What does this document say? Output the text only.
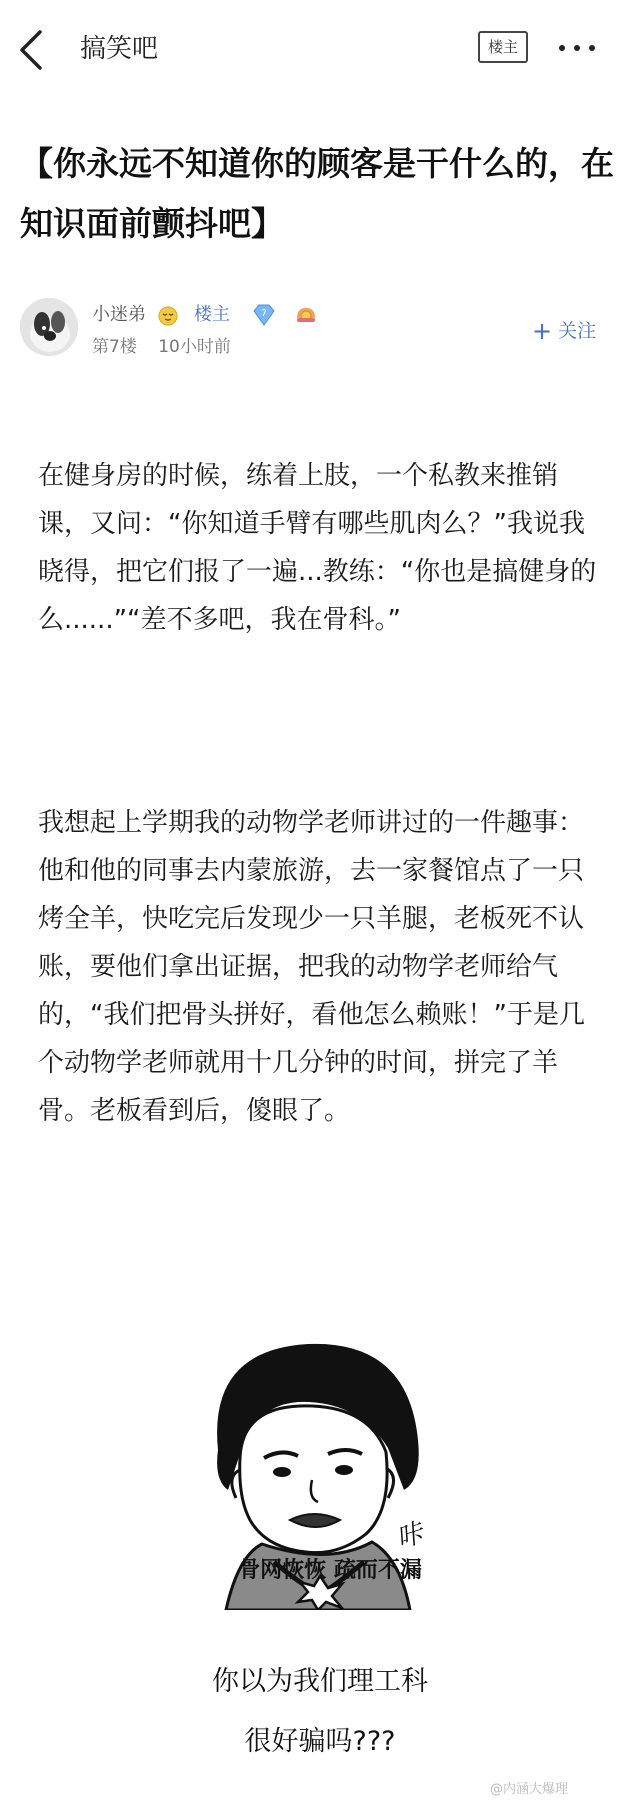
搞笑吧	楼主
【你永远不知道你的顾客是干什么的，在知识面前颤抖吧】
小迷弟	楼主	7
第7楼 10小时前
+ 关注

在健身房的时候，练着上肢，一个私教来推销课，又问：“你知道手臂有哪些肌肉么？”我说我晓得，把它们报了一遍...教练：“你也是搞健身的么......”“差不多吧，我在骨科。”

我想起上学期我的动物学老师讲过的一件趣事：他和他的同事去内蒙旅游，去一家餐馆点了一只烤全羊，快吃完后发现少一只羊腿，老板死不认账，要他们拿出证据，把我的动物学老师给气的，“我们把骨头拼好，看他怎么赖账！”于是几个动物学老师就用十几分钟的时间，拼完了羊骨。老板看到后，傻眼了。

咔
骨网恢恢 疏而不漏
你以为我们理工科
很好骗吗???
@内涵大爆理
